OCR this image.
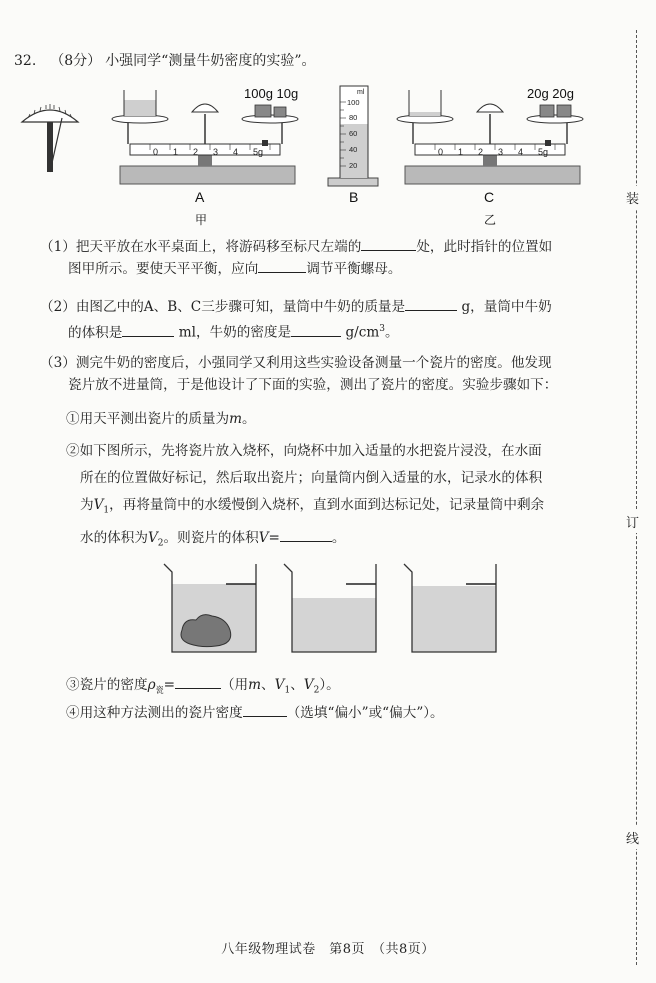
32. （8分） 小强同学“测量牛奶密度的实验”。
0 1 2 3 4 5g
100g 10g
A
ml
100
80
60
40
20
B
0 1 2 3 4 5g
20g 20g
C
甲	乙
（1）把天平放在水平桌面上，将游码移至标尺左端的	处，此时指针的位置如
图甲所示。要使天平平衡，应向	调节平衡螺母。
（2）由图乙中的A、B、C三步骤可知，量筒中牛奶的质量是	g，量筒中牛奶
的体积是	ml，牛奶的密度是	$g/cm^3$。
（3）测完牛奶的密度后，小强同学又利用这些实验设备测量一个瓷片的密度。他发现
瓷片放不进量筒，于是他设计了下面的实验，测出了瓷片的密度。实验步骤如下：
①用天平测出瓷片的质量为m。
②如下图所示，先将瓷片放入烧杯，向烧杯中加入适量的水把瓷片浸没，在水面
所在的位置做好标记，然后取出瓷片；向量筒内倒入适量的水，记录水的体积
为$V_1$，再将量筒中的水缓慢倒入烧杯，直到水面到达标记处，记录量筒中剩余
水的体积为$V_2$。则瓷片的体积V=	。
③瓷片的密度$\rho_瓷=$	（用m、$V_1$、$V_2$）。
④用这种方法测出的瓷片密度	（选填“偏小”或“偏大”）。
八年级物理试卷　第8页　（共8页）
装
订
线
